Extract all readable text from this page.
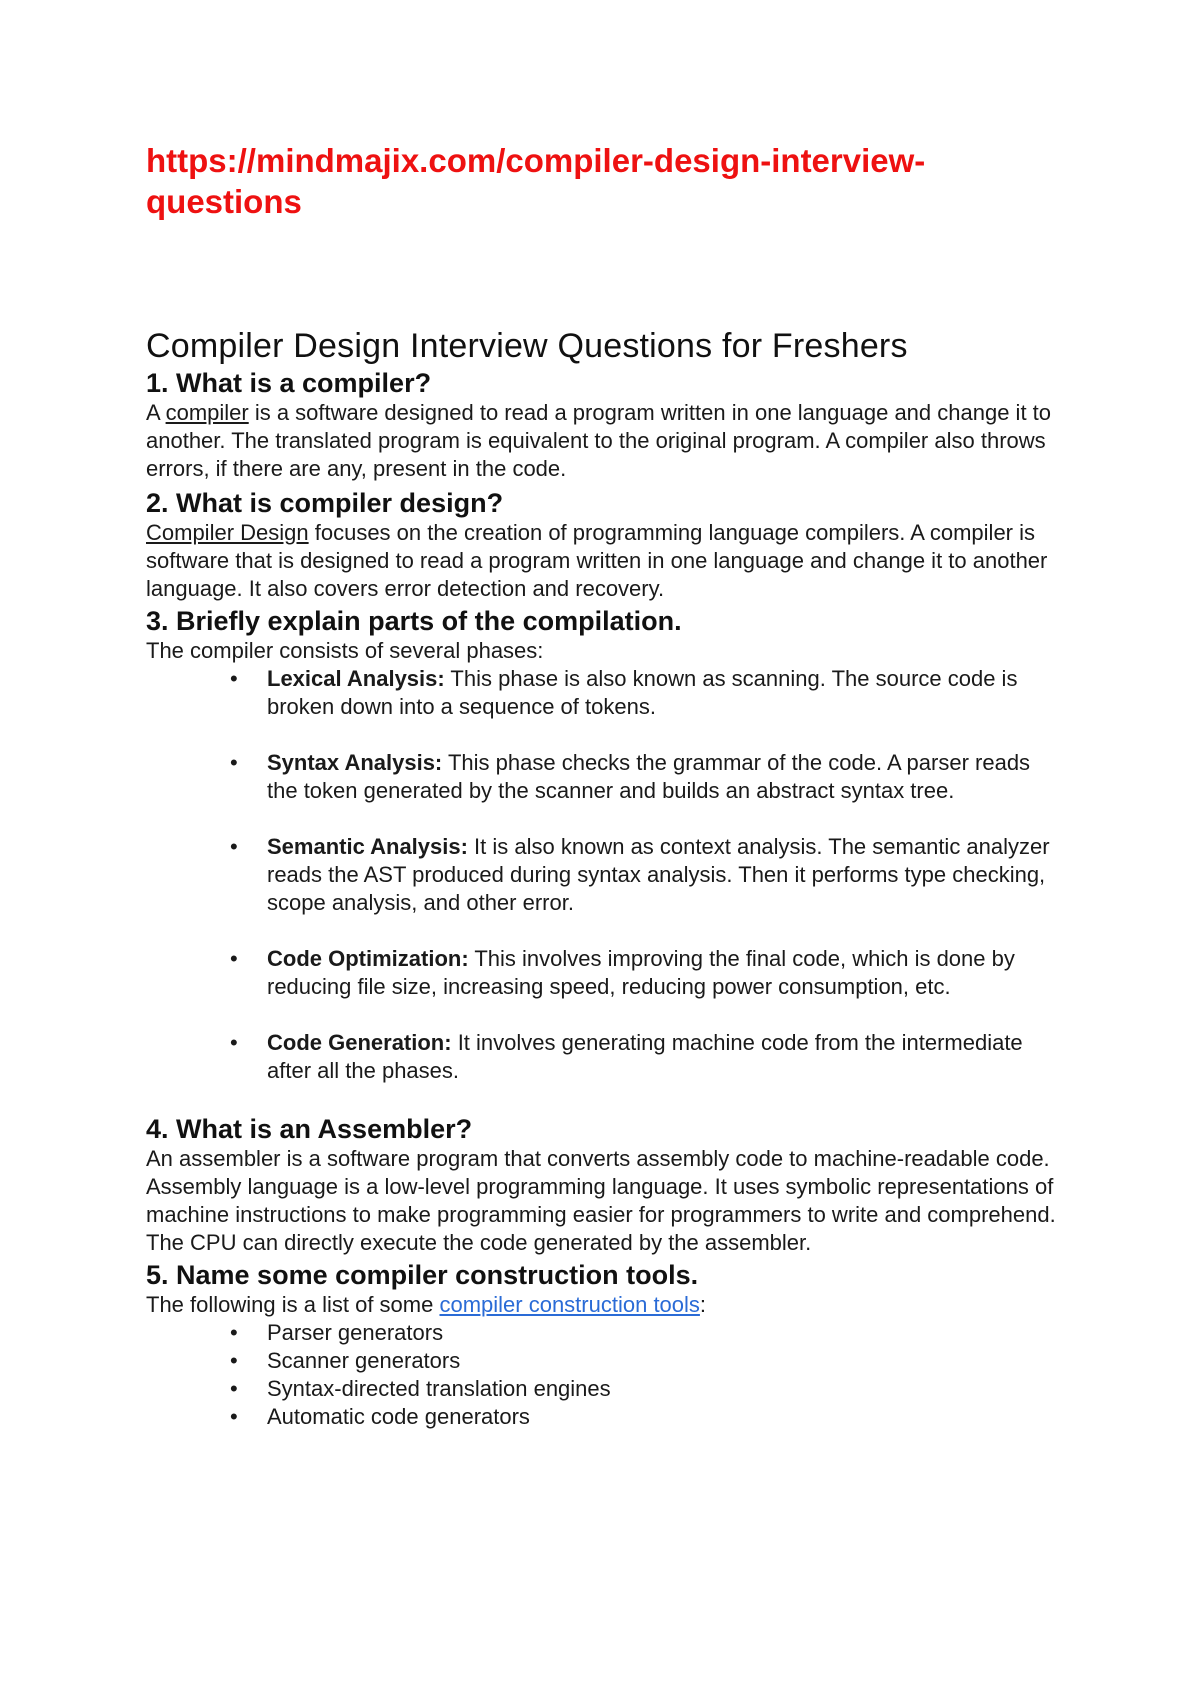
https://mindmajix.com/compiler-design-interview-
questions
Compiler Design Interview Questions for Freshers
1. What is a compiler?

A compiler is a software designed to read a program written in one language and change it to another. The translated program is equivalent to the original program. A compiler also throws errors, if there are any, present in the code.

2. What is compiler design?

Compiler Design focuses on the creation of programming language compilers. A compiler is software that is designed to read a program written in one language and change it to another language. It also covers error detection and recovery.

3. Briefly explain parts of the compilation.

The compiler consists of several phases:

• Lexical Analysis: This phase is also known as scanning. The source code is broken down into a sequence of tokens.
• Syntax Analysis: This phase checks the grammar of the code. A parser reads the token generated by the scanner and builds an abstract syntax tree.
• Semantic Analysis: It is also known as context analysis. The semantic analyzer reads the AST produced during syntax analysis. Then it performs type checking, scope analysis, and other error.
• Code Optimization: This involves improving the final code, which is done by reducing file size, increasing speed, reducing power consumption, etc.
• Code Generation: It involves generating machine code from the intermediate after all the phases.
4. What is an Assembler?

An assembler is a software program that converts assembly code to machine-readable code. Assembly language is a low-level programming language. It uses symbolic representations of machine instructions to make programming easier for programmers to write and comprehend. The CPU can directly execute the code generated by the assembler.

5. Name some compiler construction tools.

The following is a list of some compiler construction tools:

• Parser generators
• Scanner generators
• Syntax-directed translation engines
• Automatic code generators
